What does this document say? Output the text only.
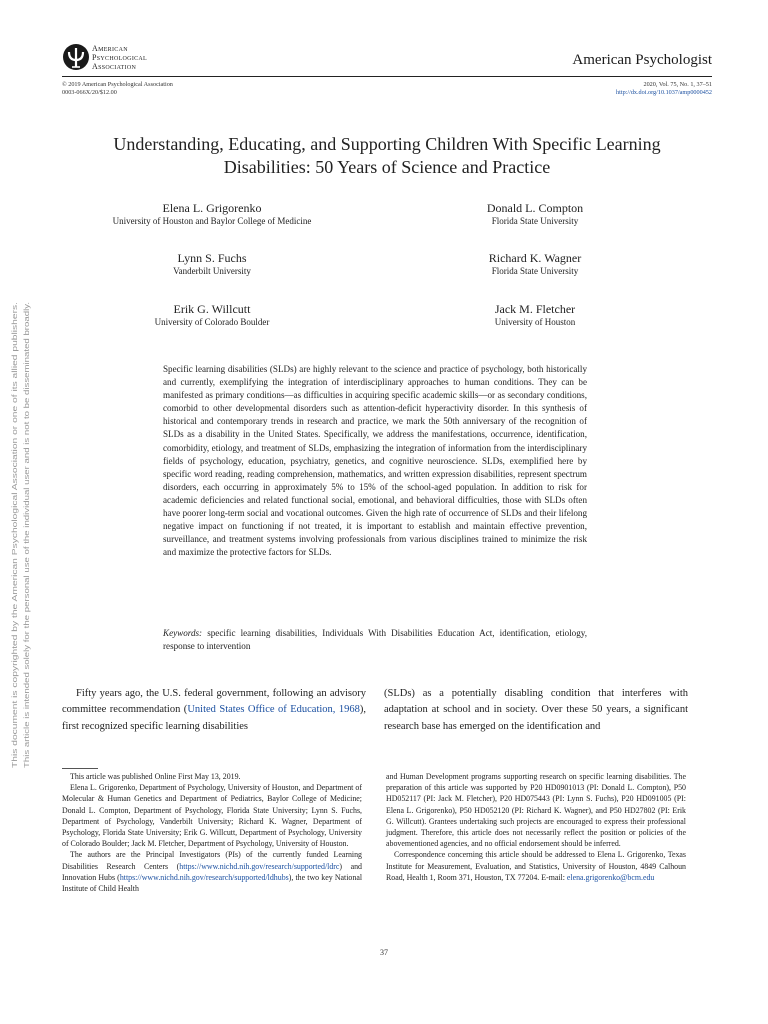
American
Psychological
Association	American Psychologist
© 2019 American Psychological Association
0003-066X/20/$12.00
2020, Vol. 75, No. 1, 37–51
http://dx.doi.org/10.1037/amp0000452
Understanding, Educating, and Supporting Children With Specific Learning
Disabilities: 50 Years of Science and Practice
Elena L. Grigorenko
University of Houston and Baylor College of Medicine
Donald L. Compton
Florida State University
Lynn S. Fuchs
Vanderbilt University
Richard K. Wagner
Florida State University
Erik G. Willcutt
University of Colorado Boulder
Jack M. Fletcher
University of Houston
Specific learning disabilities (SLDs) are highly relevant to the science and practice of psychology, both historically and currently, exemplifying the integration of interdisciplinary approaches to human conditions. They can be manifested as primary conditions—as difficulties in acquiring specific academic skills—or as secondary conditions, comorbid to other developmental disorders such as attention-deficit hyperactivity disorder. In this synthesis of historical and contemporary trends in research and practice, we mark the 50th anniversary of the recognition of SLDs as a disability in the United States. Specifically, we address the manifestations, occurrence, identification, comorbidity, etiology, and treatment of SLDs, emphasizing the integration of information from the interdisciplinary fields of psychology, education, psychiatry, genetics, and cognitive neuroscience. SLDs, exemplified here by specific word reading, reading comprehension, mathematics, and written expression disabilities, represent spectrum disorders, each occurring in approximately 5% to 15% of the school-aged population. In addition to risk for academic deficiencies and related functional social, emotional, and behavioral difficulties, those with SLDs often have poorer long-term social and vocational outcomes. Given the high rate of occurrence of SLDs and their lifelong negative impact on functioning if not treated, it is important to establish and maintain effective prevention, surveillance, and treatment systems involving professionals from various disciplines trained to minimize the risk and maximize the protective factors for SLDs.
Keywords: specific learning disabilities, Individuals With Disabilities Education Act, identification, etiology, response to intervention
This document is copyrighted by the American Psychological Association or one of its allied publishers. This article is intended solely for the personal use of the individual user and is not to be disseminated broadly.	Fifty years ago, the U.S. federal government, following an advisory committee recommendation (United States Office of Education, 1968), first recognized specific learning disabilities
(SLDs) as a potentially disabling condition that interferes with adaptation at school and in society. Over these 50 years, a significant research base has emerged on the identification and

This article was published Online First May 13, 2019.

Elena L. Grigorenko, Department of Psychology, University of Houston, and Department of Molecular & Human Genetics and Department of Pediatrics, Baylor College of Medicine; Donald L. Compton, Department of Psychology, Florida State University; Lynn S. Fuchs, Department of Psychology, Vanderbilt University; Richard K. Wagner, Department of Psychology, Florida State University; Erik G. Willcutt, Department of Psychology, University of Colorado Boulder; Jack M. Fletcher, Department of Psychology, University of Houston.

The authors are the Principal Investigators (PIs) of the currently funded Learning Disabilities Research Centers (https://www.nichd.nih.gov/research/supported/ldrc) and Innovation Hubs (https://www.nichd.nih.gov/research/supported/ldhubs), the two key National Institute of Child Health

and Human Development programs supporting research on specific learning disabilities. The preparation of this article was supported by P20 HD0901013 (PI: Donald L. Compton), P50 HD052117 (PI: Jack M. Fletcher), P20 HD075443 (PI: Lynn S. Fuchs), P20 HD091005 (PI: Elena L. Grigorenko), P50 HD052120 (PI: Richard K. Wagner), and P50 HD27802 (PI: Erik G. Willcutt). Grantees undertaking such projects are encouraged to express their professional judgment. Therefore, this article does not necessarily reflect the position or policies of the abovementioned agencies, and no official endorsement should be inferred.

Correspondence concerning this article should be addressed to Elena L. Grigorenko, Texas Institute for Measurement, Evaluation, and Statistics, University of Houston, 4849 Calhoun Road, Health 1, Room 371, Houston, TX 77204. E-mail: elena.grigorenko@bcm.edu

37
